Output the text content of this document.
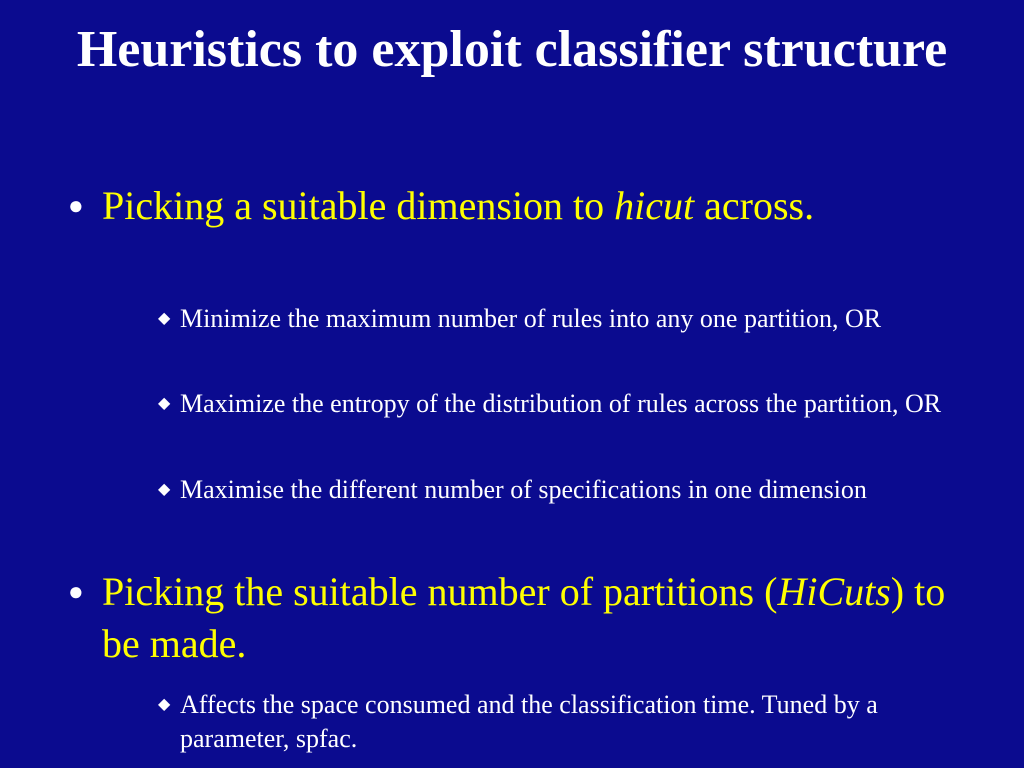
Heuristics to exploit classifier structure
● Picking a suitable dimension to hicut across.
◆ Minimize the maximum number of rules into any one partition, OR
◆ Maximize the entropy of the distribution of rules across the partition, OR
◆ Maximise the different number of specifications in one dimension
● Picking the suitable number of partitions (HiCuts) to be made.
◆ Affects the space consumed and the classification time. Tuned by a parameter, spfac.
